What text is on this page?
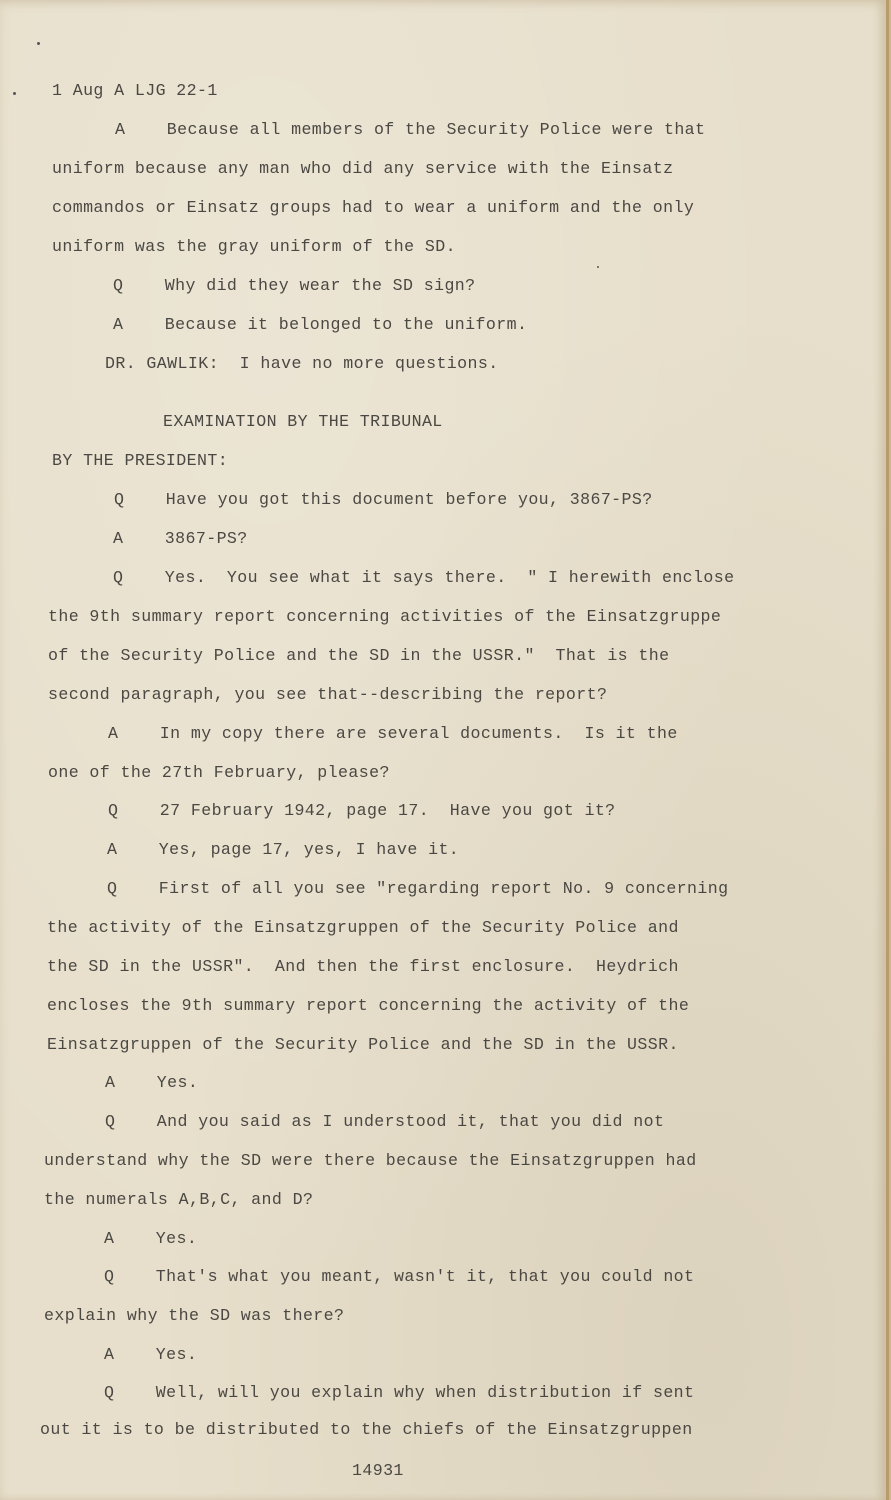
1 Aug A LJG 22-1
A    Because all members of the Security Police were that
uniform because any man who did any service with the Einsatz
commandos or Einsatz groups had to wear a uniform and the only
uniform was the gray uniform of the SD.
Q    Why did they wear the SD sign?
A    Because it belonged to the uniform.
DR. GAWLIK:  I have no more questions.
EXAMINATION BY THE TRIBUNAL
BY THE PRESIDENT:
Q    Have you got this document before you, 3867-PS?
A    3867-PS?
Q    Yes.  You see what it says there.  " I herewith enclose
the 9th summary report concerning activities of the Einsatzgruppe
of the Security Police and the SD in the USSR."  That is the
second paragraph, you see that--describing the report?
A    In my copy there are several documents.  Is it the
one of the 27th February, please?
Q    27 February 1942, page 17.  Have you got it?
A    Yes, page 17, yes, I have it.
Q    First of all you see "regarding report No. 9 concerning
the activity of the Einsatzgruppen of the Security Police and
the SD in the USSR".  And then the first enclosure.  Heydrich
encloses the 9th summary report concerning the activity of the
Einsatzgruppen of the Security Police and the SD in the USSR.
A    Yes.
Q    And you said as I understood it, that you did not
understand why the SD were there because the Einsatzgruppen had
the numerals A,B,C, and D?
A    Yes.
Q    That's what you meant, wasn't it, that you could not
explain why the SD was there?
A    Yes.
Q    Well, will you explain why when distribution if sent
out it is to be distributed to the chiefs of the Einsatzgruppen
14931
